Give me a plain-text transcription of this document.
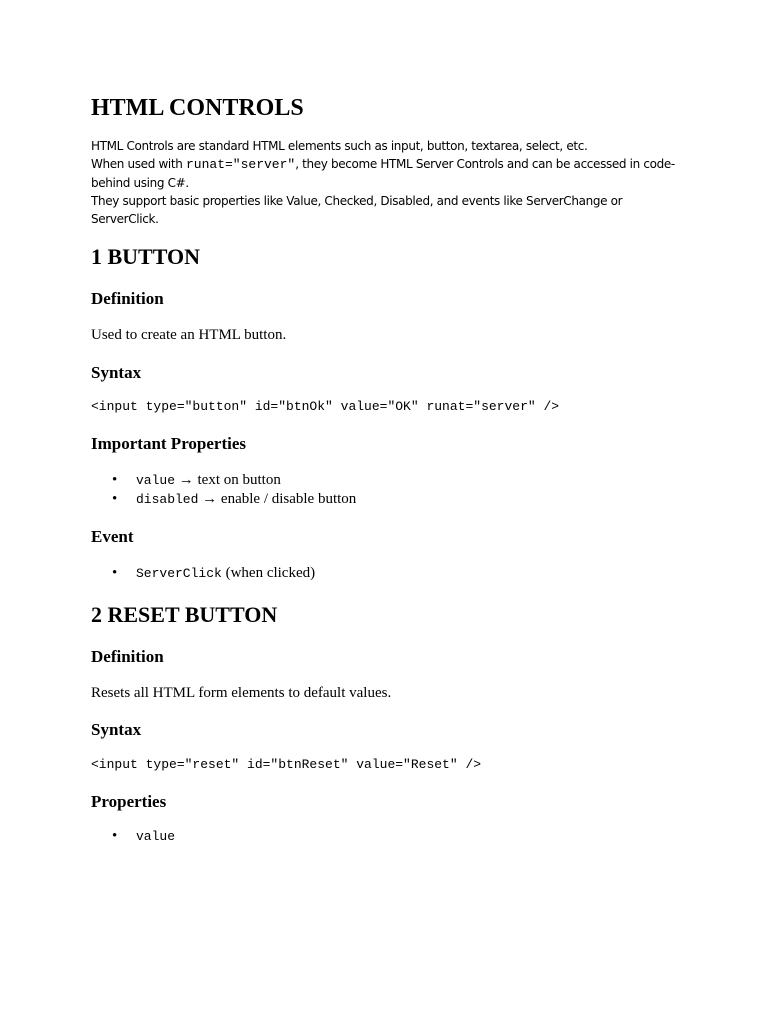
HTML CONTROLS

HTML Controls are standard HTML elements such as input, button, textarea, select, etc.

When used with runat="server", they become HTML Server Controls and can be accessed in code-

behind using C#.

They support basic properties like Value, Checked, Disabled, and events like ServerChange or

ServerClick.

1 BUTTON
Definition

Used to create an HTML button.

Syntax

<input type="button" id="btnOk" value="OK" runat="server" />

Important Properties
• value → text on button
• disabled → enable / disable button
Event
• ServerClick (when clicked)
2 RESET BUTTON
Definition

Resets all HTML form elements to default values.

Syntax

<input type="reset" id="btnReset" value="Reset" />

Properties
• value
